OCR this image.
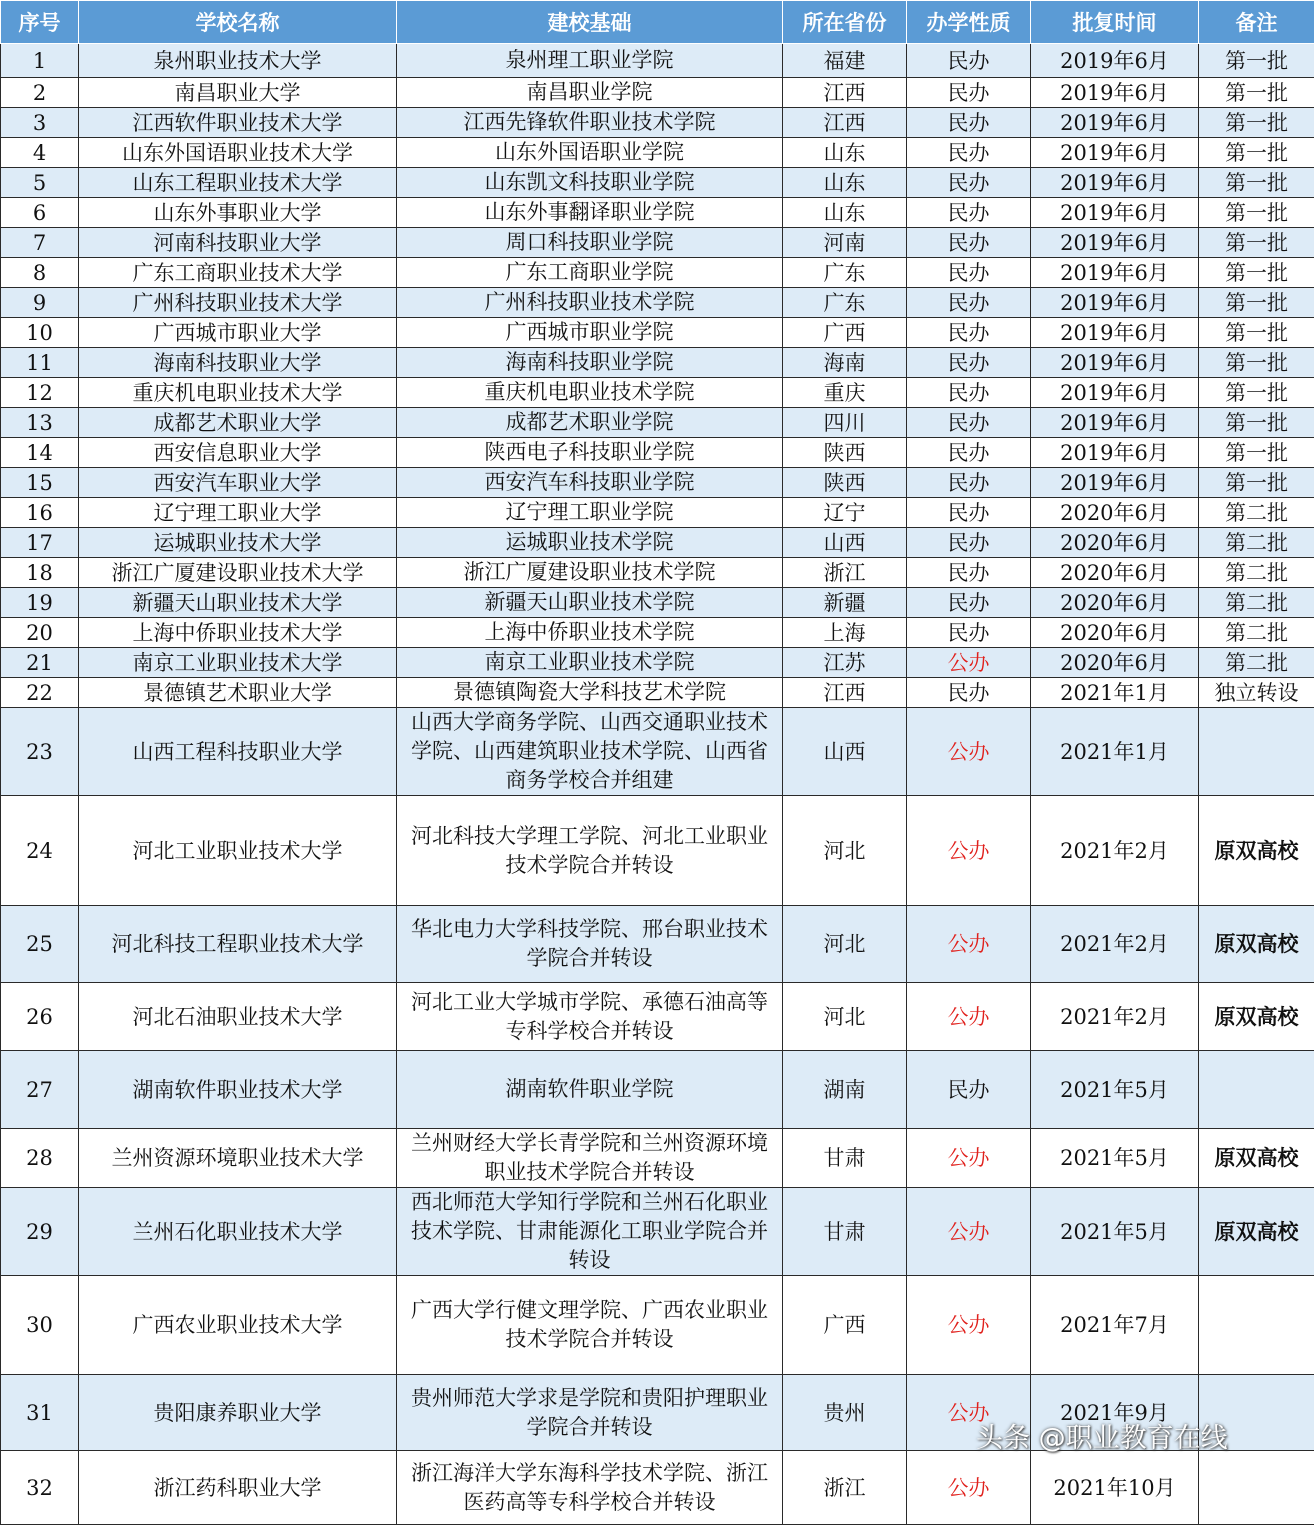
序号	学校名称	建校基础	所在省份	办学性质	批复时间	备注
1	泉州职业技术大学	泉州理工职业学院	福建	民办	2019年6月	第一批
2	南昌职业大学	南昌职业学院	江西	民办	2019年6月	第一批
3	江西软件职业技术大学	江西先锋软件职业技术学院	江西	民办	2019年6月	第一批
4	山东外国语职业技术大学	山东外国语职业学院	山东	民办	2019年6月	第一批
5	山东工程职业技术大学	山东凯文科技职业学院	山东	民办	2019年6月	第一批
6	山东外事职业大学	山东外事翻译职业学院	山东	民办	2019年6月	第一批
7	河南科技职业大学	周口科技职业学院	河南	民办	2019年6月	第一批
8	广东工商职业技术大学	广东工商职业学院	广东	民办	2019年6月	第一批
9	广州科技职业技术大学	广州科技职业技术学院	广东	民办	2019年6月	第一批
10	广西城市职业大学	广西城市职业学院	广西	民办	2019年6月	第一批
11	海南科技职业大学	海南科技职业学院	海南	民办	2019年6月	第一批
12	重庆机电职业技术大学	重庆机电职业技术学院	重庆	民办	2019年6月	第一批
13	成都艺术职业大学	成都艺术职业学院	四川	民办	2019年6月	第一批
14	西安信息职业大学	陕西电子科技职业学院	陕西	民办	2019年6月	第一批
15	西安汽车职业大学	西安汽车科技职业学院	陕西	民办	2019年6月	第一批
16	辽宁理工职业大学	辽宁理工职业学院	辽宁	民办	2020年6月	第二批
17	运城职业技术大学	运城职业技术学院	山西	民办	2020年6月	第二批
18	浙江广厦建设职业技术大学	浙江广厦建设职业技术学院	浙江	民办	2020年6月	第二批
19	新疆天山职业技术大学	新疆天山职业技术学院	新疆	民办	2020年6月	第二批
20	上海中侨职业技术大学	上海中侨职业技术学院	上海	民办	2020年6月	第二批
21	南京工业职业技术大学	南京工业职业技术学院	江苏	公办	2020年6月	第二批
22	景德镇艺术职业大学	景德镇陶瓷大学科技艺术学院	江西	民办	2021年1月	独立转设
23	山西工程科技职业大学	山西大学商务学院、山西交通职业技术学院、山西建筑职业技术学院、山西省商务学校合并组建	山西	公办	2021年1月	
24	河北工业职业技术大学	河北科技大学理工学院、河北工业职业技术学院合并转设	河北	公办	2021年2月	原双高校
25	河北科技工程职业技术大学	华北电力大学科技学院、邢台职业技术学院合并转设	河北	公办	2021年2月	原双高校
26	河北石油职业技术大学	河北工业大学城市学院、承德石油高等专科学校合并转设	河北	公办	2021年2月	原双高校
27	湖南软件职业技术大学	湖南软件职业学院	湖南	民办	2021年5月	
28	兰州资源环境职业技术大学	兰州财经大学长青学院和兰州资源环境职业技术学院合并转设	甘肃	公办	2021年5月	原双高校
29	兰州石化职业技术大学	西北师范大学知行学院和兰州石化职业技术学院、甘肃能源化工职业学院合并转设	甘肃	公办	2021年5月	原双高校
30	广西农业职业技术大学	广西大学行健文理学院、广西农业职业技术学院合并转设	广西	公办	2021年7月	
31	贵阳康养职业大学	贵州师范大学求是学院和贵阳护理职业学院合并转设	贵州	公办	2021年9月	
32	浙江药科职业大学	浙江海洋大学东海科学技术学院、浙江医药高等专科学校合并转设	浙江	公办	2021年10月	
头条 @职业教育在线
